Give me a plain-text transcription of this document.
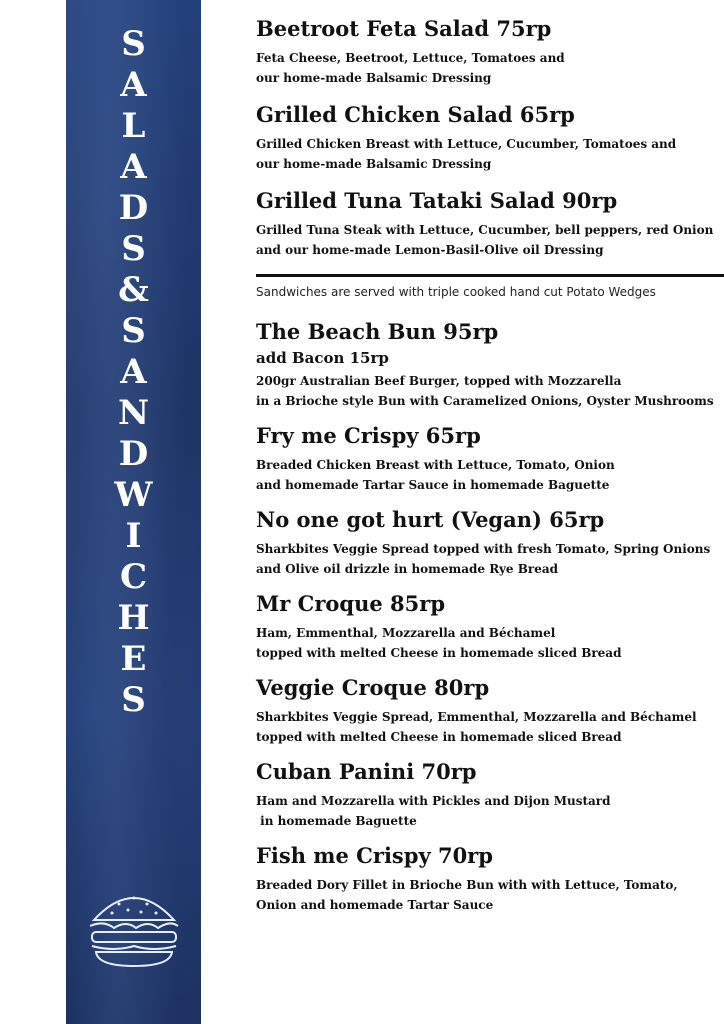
S
A
L
A
D
S
&
S
A
N
D
W
I
C
H
E
S
Beetroot Feta Salad 75rp

Feta Cheese, Beetroot, Lettuce, Tomatoes and
our home-made Balsamic Dressing

Grilled Chicken Salad 65rp

Grilled Chicken Breast with Lettuce, Cucumber, Tomatoes and
our home-made Balsamic Dressing

Grilled Tuna Tataki Salad 90rp

Grilled Tuna Steak with Lettuce, Cucumber, bell peppers, red Onion
and our home-made Lemon-Basil-Olive oil Dressing

Sandwiches are served with triple cooked hand cut Potato Wedges

The Beach Bun 95rp

add Bacon 15rp

200gr Australian Beef Burger, topped with Mozzarella
in a Brioche style Bun with Caramelized Onions, Oyster Mushrooms

Fry me Crispy 65rp

Breaded Chicken Breast with Lettuce, Tomato, Onion
and homemade Tartar Sauce in homemade Baguette

No one got hurt (Vegan) 65rp

Sharkbites Veggie Spread topped with fresh Tomato, Spring Onions
and Olive oil drizzle in homemade Rye Bread

Mr Croque 85rp

Ham, Emmenthal, Mozzarella and Béchamel
topped with melted Cheese in homemade sliced Bread

Veggie Croque 80rp

Sharkbites Veggie Spread, Emmenthal, Mozzarella and Béchamel
topped with melted Cheese in homemade sliced Bread

Cuban Panini 70rp

Ham and Mozzarella with Pickles and Dijon Mustard
in homemade Baguette

Fish me Crispy 70rp

Breaded Dory Fillet in Brioche Bun with with Lettuce, Tomato,
Onion and homemade Tartar Sauce
